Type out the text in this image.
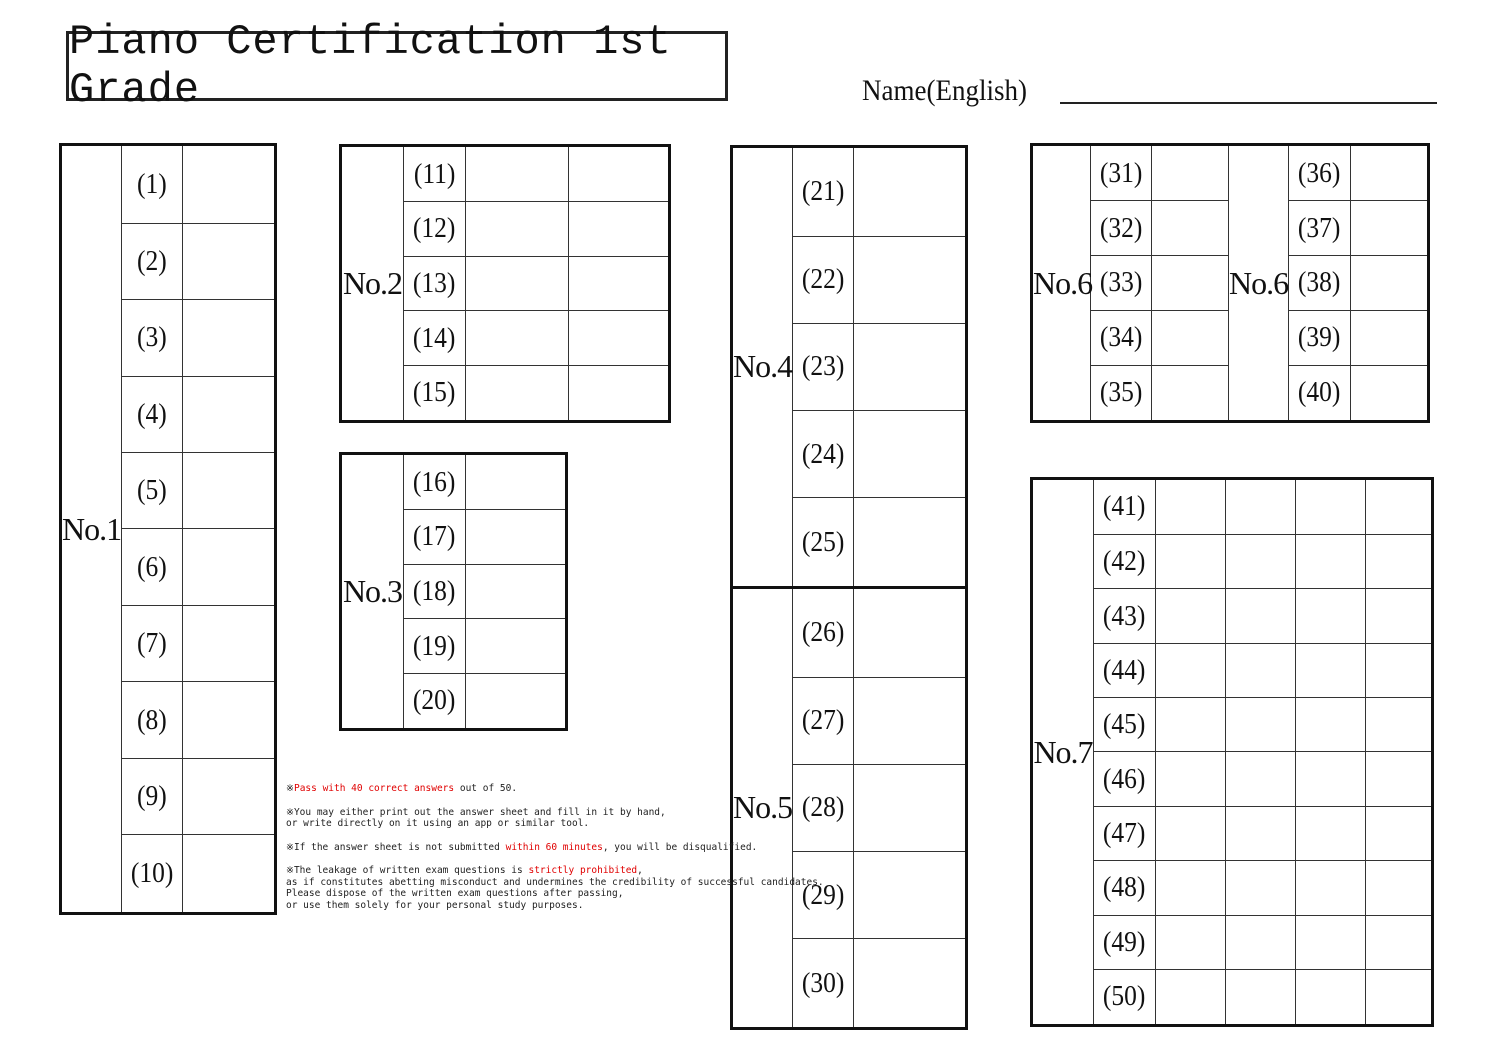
Piano Certification 1st Grade	Name(English)
No.1	(1)	
	(2)	
	(3)	
	(4)	
	(5)	
	(6)	
	(7)	
	(8)	
	(9)	
	(10)	
No.2	(11)		
	(12)		
	(13)		
	(14)		
	(15)		
No.3	(16)	
	(17)	
	(18)	
	(19)	
	(20)	
No.4	(21)	
	(22)	
	(23)	
	(24)	
	(25)	
No.5	(26)	
	(27)	
	(28)	
	(29)	
	(30)	
No.6	(31)		No.6	(36)	
	(32)			(37)	
	(33)			(38)	
	(34)			(39)	
	(35)			(40)	
No.7	(41)				
	(42)				
	(43)				
	(44)				
	(45)				
	(46)				
	(47)				
	(48)				
	(49)				
	(50)				

※Pass with 40 correct answers out of 50.

※You may either print out the answer sheet and fill in it by hand,
or write directly on it using an app or similar tool.

※If the answer sheet is not submitted within 60 minutes, you will be disqualified.

※The leakage of written exam questions is strictly prohibited,
as if constitutes abetting misconduct and undermines the credibility of successful candidates.
Please dispose of the written exam questions after passing,
or use them solely for your personal study purposes.
